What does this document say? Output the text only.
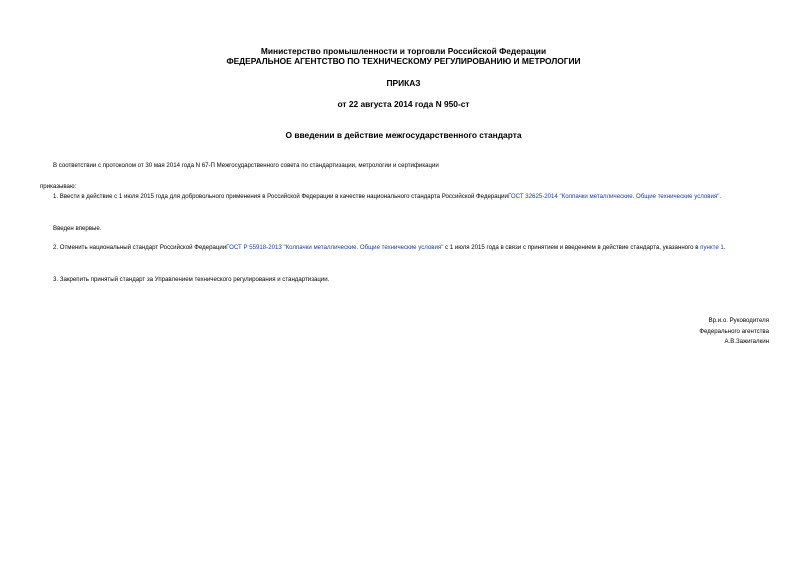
Министерство промышленности и торговли Российской Федерации
ФЕДЕРАЛЬНОЕ АГЕНТСТВО ПО ТЕХНИЧЕСКОМУ РЕГУЛИРОВАНИЮ И МЕТРОЛОГИИ
ПРИКАЗ
от 22 августа 2014 года N 950-ст
О введении в действие межгосударственного стандарта
В соответствии с протоколом от 30 мая 2014 года N 67-П Межгосударственного совета по стандартизации, метрологии и сертификации
приказываю:
1. Ввести в действие с 1 июля 2015 года для добровольного применения в Российской Федерации в качестве национального стандарта Российской ФедерацииГОСТ 32625-2014 "Колпачки металлические. Общие технические условия".
Введен впервые.
2. Отменить национальный стандарт Российской ФедерацииГОСТ Р 55918-2013 "Колпачки металлические. Общие технические условия" с 1 июля 2015 года в связи с принятием и введением в действие стандарта, указанного в пункте 1.
3. Закрепить принятый стандарт за Управлением технического регулирования и стандартизации.
Вр.и.о. Руководителя
Федерального агентства
А.В.Зажигалкин
